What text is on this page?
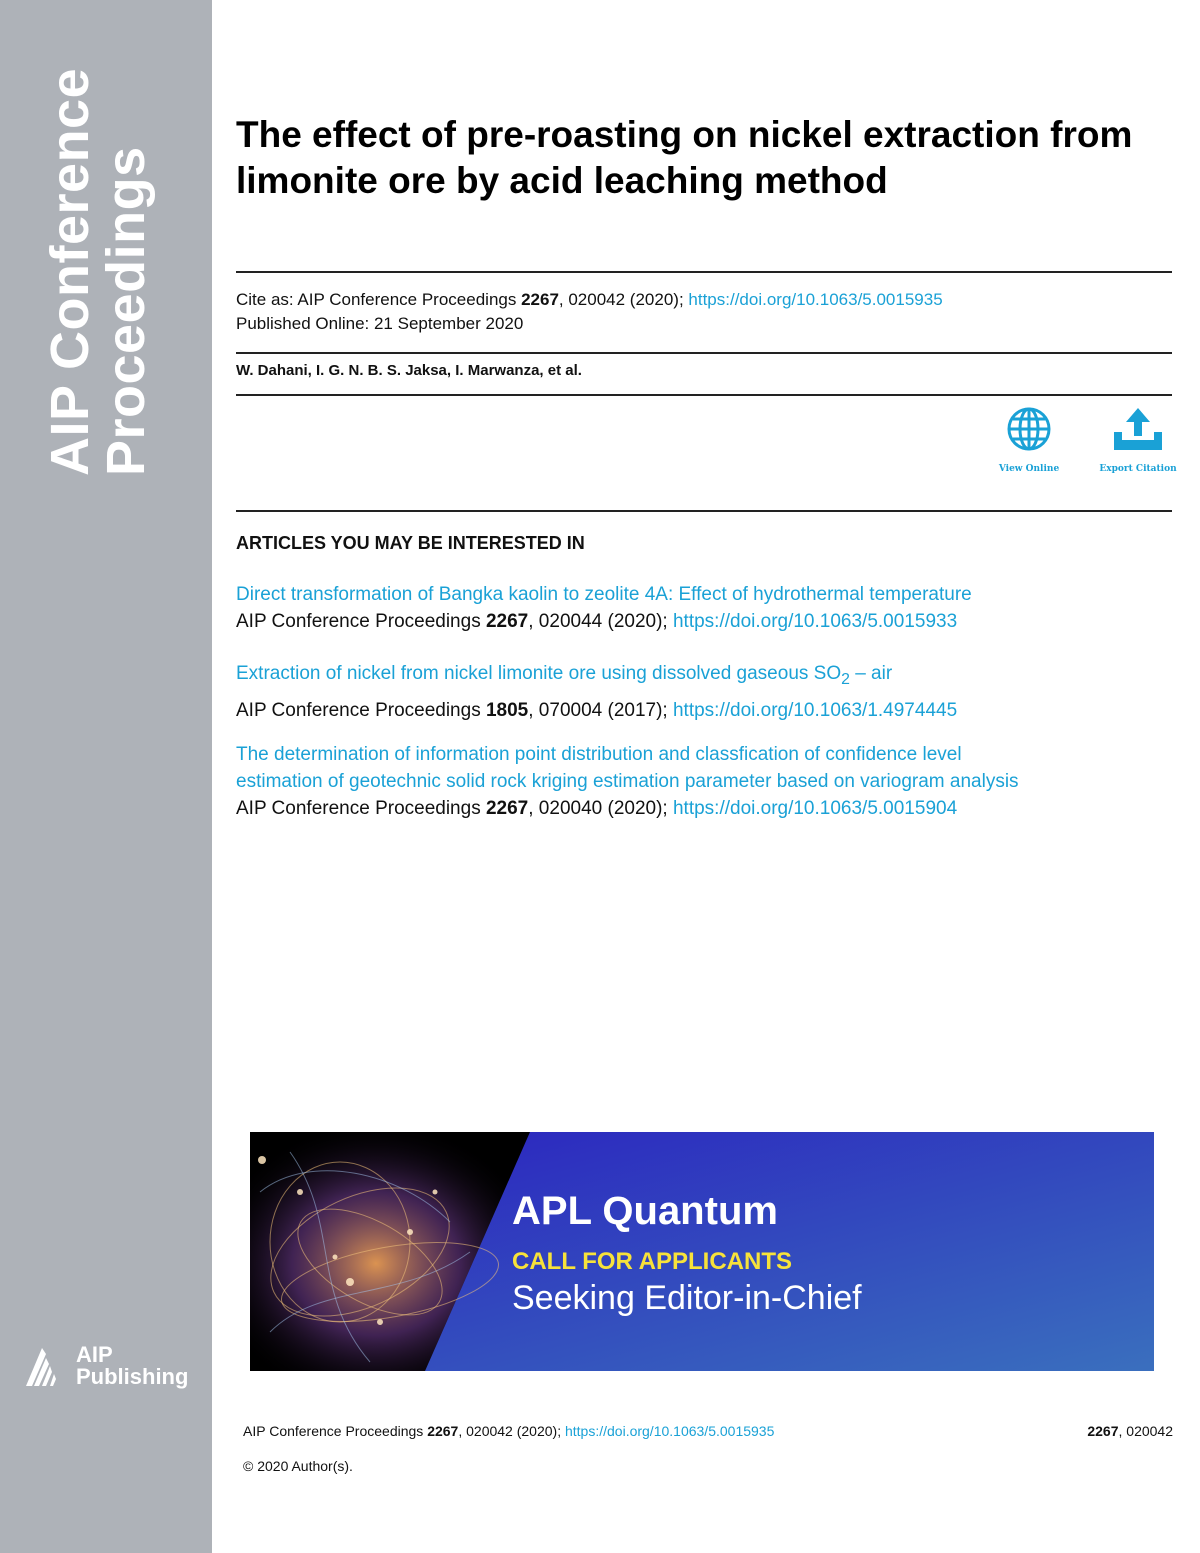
AIP Conference
Proceedings
AIP
Publishing
The effect of pre-roasting on nickel extraction from limonite ore by acid leaching method
Cite as: AIP Conference Proceedings 2267, 020042 (2020); https://doi.org/10.1063/5.0015935
Published Online: 21 September 2020
W. Dahani, I. G. N. B. S. Jaksa, I. Marwanza, et al.
View Online	Export Citation
ARTICLES YOU MAY BE INTERESTED IN
Direct transformation of Bangka kaolin to zeolite 4A: Effect of hydrothermal temperature
AIP Conference Proceedings 2267, 020044 (2020); https://doi.org/10.1063/5.0015933
Extraction of nickel from nickel limonite ore using dissolved gaseous $SO_2$ – air
AIP Conference Proceedings 1805, 070004 (2017); https://doi.org/10.1063/1.4974445
The determination of information point distribution and classfication of confidence level
estimation of geotechnic solid rock kriging estimation parameter based on variogram analysis
AIP Conference Proceedings 2267, 020040 (2020); https://doi.org/10.1063/5.0015904
APL Quantum
CALL FOR APPLICANTS
Seeking Editor-in-Chief
AIP Conference Proceedings 2267, 020042 (2020); https://doi.org/10.1063/5.0015935	2267, 020042
© 2020 Author(s).
